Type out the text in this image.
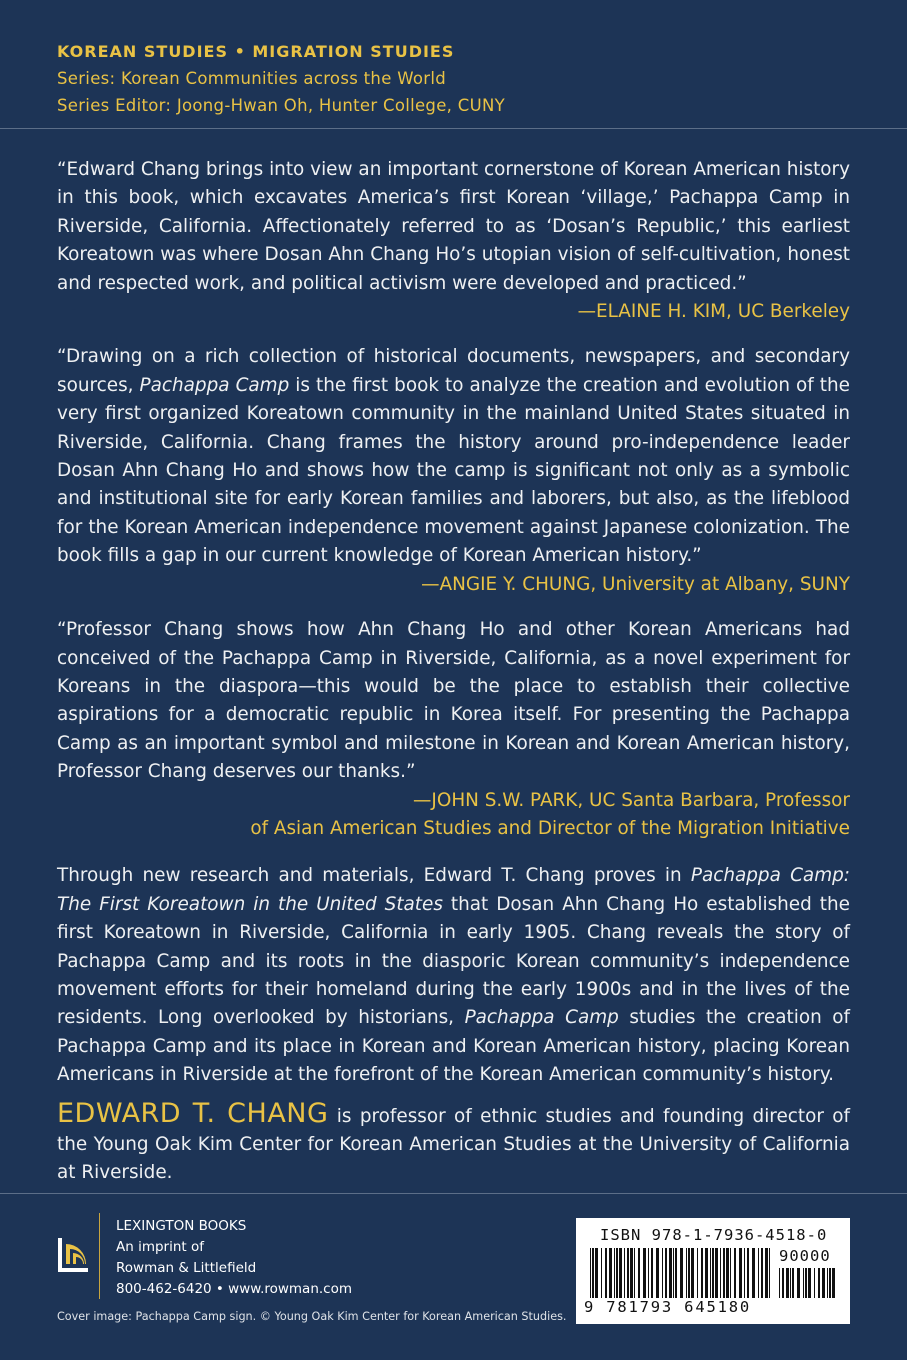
KOREAN STUDIES • MIGRATION STUDIES
Series: Korean Communities across the World
Series Editor: Joong-Hwan Oh, Hunter College, CUNY

“Edward Chang brings into view an important cornerstone of Korean American history in this book, which excavates America’s first Korean ‘village,’ Pachappa Camp in Riverside, California. Affectionately referred to as ‘Dosan’s Republic,’ this earliest Koreatown was where Dosan Ahn Chang Ho’s utopian vision of self-cultivation, honest and respected work, and political activism were developed and practiced.”

—ELAINE H. KIM, UC Berkeley

“Drawing on a rich collection of historical documents, newspapers, and secondary sources, Pachappa Camp is the first book to analyze the creation and evolution of the very first organized Koreatown community in the mainland United States situated in Riverside, California. Chang frames the history around pro-independence leader Dosan Ahn Chang Ho and shows how the camp is significant not only as a symbolic and institutional site for early Korean families and laborers, but also, as the lifeblood for the Korean American independence movement against Japanese colonization. The book fills a gap in our current knowledge of Korean American history.”

—ANGIE Y. CHUNG, University at Albany, SUNY

“Professor Chang shows how Ahn Chang Ho and other Korean Americans had conceived of the Pachappa Camp in Riverside, California, as a novel experiment for Koreans in the diaspora—this would be the place to establish their collective aspirations for a democratic republic in Korea itself. For presenting the Pachappa Camp as an important symbol and milestone in Korean and Korean American history, Professor Chang deserves our thanks.”

—JOHN S.W. PARK, UC Santa Barbara, Professor
of Asian American Studies and Director of the Migration Initiative

Through new research and materials, Edward T. Chang proves in Pachappa Camp: The First Koreatown in the United States that Dosan Ahn Chang Ho established the first Koreatown in Riverside, California in early 1905. Chang reveals the story of Pachappa Camp and its roots in the diasporic Korean community’s independence movement efforts for their homeland during the early 1900s and in the lives of the residents. Long overlooked by historians, Pachappa Camp studies the creation of Pachappa Camp and its place in Korean and Korean American history, placing Korean Americans in Riverside at the forefront of the Korean American community’s history.

EDWARD T. CHANG is professor of ethnic studies and founding director of the Young Oak Kim Center for Korean American Studies at the University of California at Riverside.

LEXINGTON BOOKS
An imprint of
Rowman & Littlefield
800-462-6420 • www.rowman.com
Cover image: Pachappa Camp sign. © Young Oak Kim Center for Korean American Studies.
ISBN 978-1-7936-4518-0
90000
9 781793 645180
